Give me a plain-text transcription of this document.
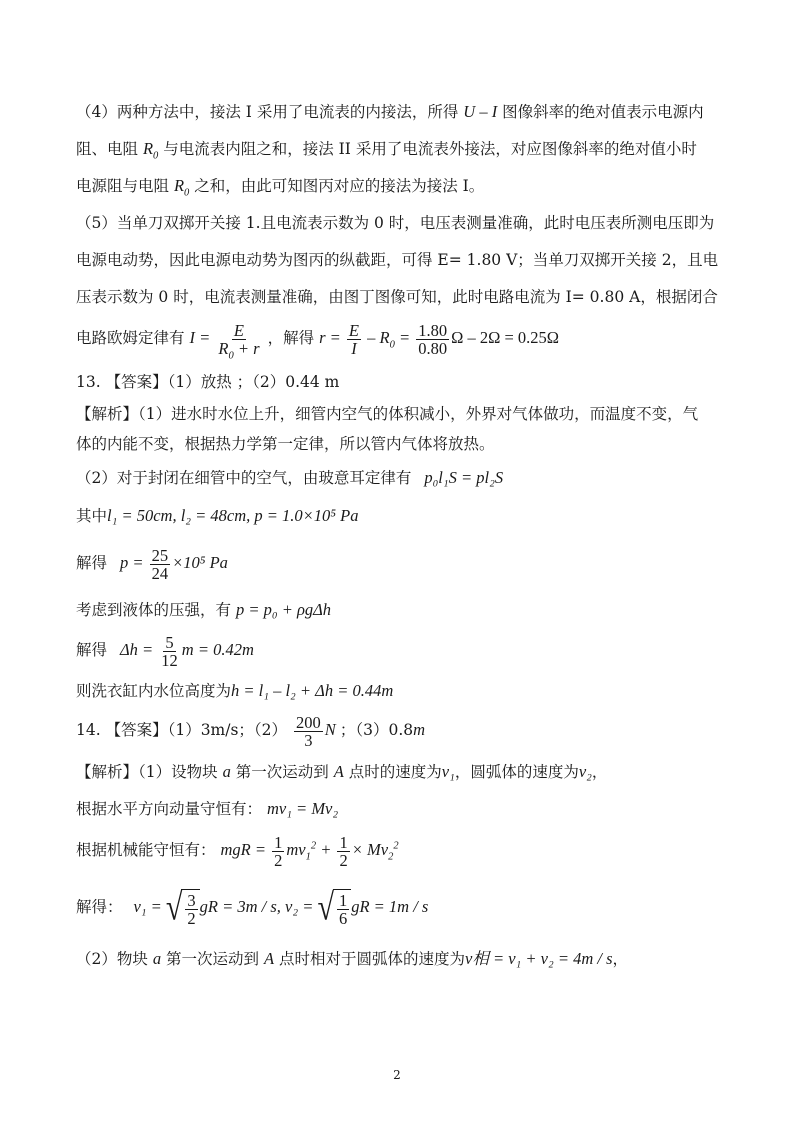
（4）两种方法中，接法 I 采用了电流表的内接法，所得 U – I 图像斜率的绝对值表示电源内
阻、电阻 $R_0$ 与电流表内阻之和，接法 II 采用了电流表外接法，对应图像斜率的绝对值小时
电源阻与电阻 $R_0$ 之和，由此可知图丙对应的接法为接法 I。
（5）当单刀双掷开关接 1.且电流表示数为 0 时，电压表测量准确，此时电压表所测电压即为
电源电动势，因此电源电动势为图丙的纵截距，可得 E= 1.80 V；当单刀双掷开关接 2，且电
压表示数为 0 时，电流表测量准确，由图丁图像可知，此时电路电流为 I= 0.80 A，根据闭合
电路欧姆定律有 $I = \frac{E}{R_0 + r}$ ，解得 $r = \frac{E}{I} - R_0 = \frac{1.80}{0.80}$ Ω – 2Ω = 0.25Ω
13. 【答案】（1）放热 ；（2）0.44 m
【解析】（1）进水时水位上升，细管内空气的体积减小，外界对气体做功，而温度不变，气
体的内能不变，根据热力学第一定律，所以管内气体将放热。
（2）对于封闭在细管中的空气，由玻意耳定律有 p₀l₁S = pl₂S
其中l₁ = 50cm, l₂ = 48cm, p = 1.0×10⁵ Pa
解得 $p = \frac{25}{24} \times 10^5$ Pa
考虑到液体的压强，有 p = p₀ + ρgΔh
解得 $\Delta h = \frac{5}{12}$ m = 0.42m
则洗衣缸内水位高度为h = l₁ – l₂ + Δh = 0.44m
14. 【答案】（1）3m/s；$(2) \frac{200}{3}$ N ；（3）0.8m
【解析】（1）设物块 a 第一次运动到 A 点时的速度为v₁，圆弧体的速度为v₂，
根据水平方向动量守恒有： mv₁ = Mv₂
根据机械能守恒有： mgR = $\frac{1}{2} mv_1^2 + \frac{1}{2} \times Mv_2^2$
解得： v₁ = √ $\frac{3}{2}$ gR = 3m / s, v₂ = √ $\frac{1}{6}$ gR = 1m / s
（2）物块 a 第一次运动到 A 点时相对于圆弧体的速度为v相 = v₁ + v₂ = 4m / s，
2
